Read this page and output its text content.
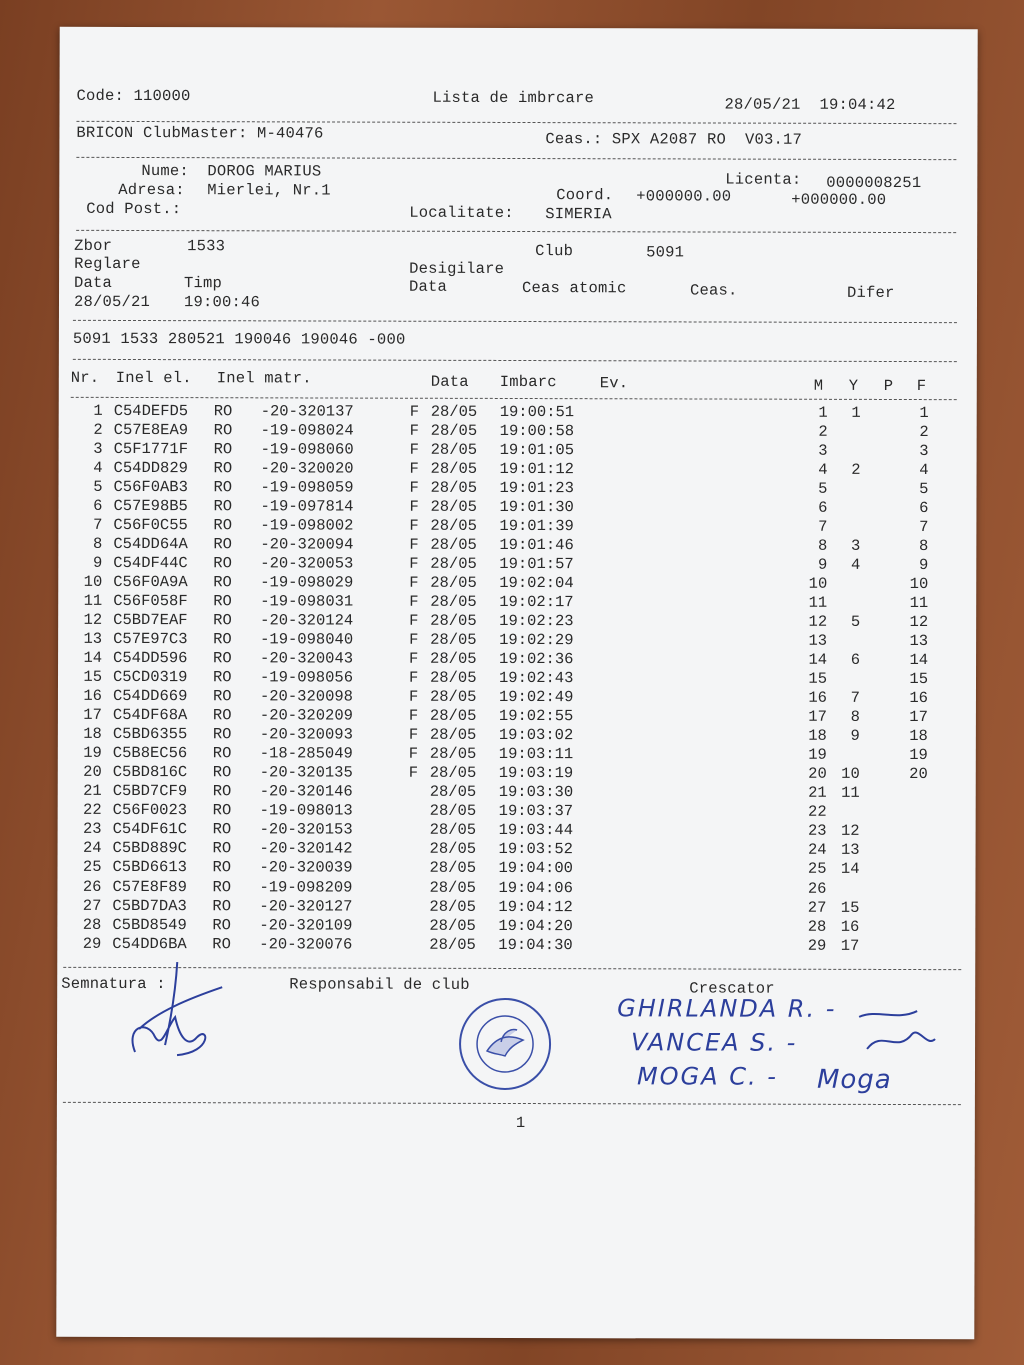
Code: 110000	Lista de imbrcare	28/05/21  19:04:42
BRICON ClubMaster: M-40476	Ceas.: SPX A2087 RO  V03.17
Nume: DOROG MARIUS	Licenta: 0000008251
Adresa: Mierlei, Nr.1	Coord. +000000.00	+000000.00
Cod Post.:	Localitate: SIMERIA
Zbor	1533	Club	5091
Reglare	Desigilare
Data	Timp	Data	Ceas atomic	Ceas.	Difer
28/05/21 19:00:46
5091 1533 280521 190046 190046 -000
Nr. Inel el. Inel matr.	Data Imbarc	Ev.	M Y P F
1 C54DEFD5 RO -20-320137	F 28/05 19:00:51	1 1	1
2 C57E8EA9 RO -19-098024	F 28/05 19:00:58	2	2
3 C5F1771F RO -19-098060	F 28/05 19:01:05	3	3
4 C54DD829 RO -20-320020	F 28/05 19:01:12	4 2	4
5 C56F0AB3 RO -19-098059	F 28/05 19:01:23	5	5
6 C57E98B5 RO -19-097814	F 28/05 19:01:30	6	6
7 C56F0C55 RO -19-098002	F 28/05 19:01:39	7	7
8 C54DD64A RO -20-320094	F 28/05 19:01:46	8 3	8
9 C54DF44C RO -20-320053	F 28/05 19:01:57	9 4	9
10 C56F0A9A RO -19-098029	F 28/05 19:02:04	10	10
11 C56F058F RO -19-098031	F 28/05 19:02:17	11	11
12 C5BD7EAF RO -20-320124	F 28/05 19:02:23	12 5	12
13 C57E97C3 RO -19-098040	F 28/05 19:02:29	13	13
14 C54DD596 RO -20-320043	F 28/05 19:02:36	14 6	14
15 C5CD0319 RO -19-098056	F 28/05 19:02:43	15	15
16 C54DD669 RO -20-320098	F 28/05 19:02:49	16 7	16
17 C54DF68A RO -20-320209	F 28/05 19:02:55	17 8	17
18 C5BD6355 RO -20-320093	F 28/05 19:03:02	18 9	18
19 C5B8EC56 RO -18-285049	F 28/05 19:03:11	19	19
20 C5BD816C RO -20-320135	F 28/05 19:03:19	20 10	20
21 C5BD7CF9 RO -20-320146	28/05 19:03:30	21 11
22 C56F0023 RO -19-098013	28/05 19:03:37	22
23 C54DF61C RO -20-320153	28/05 19:03:44	23 12
24 C5BD889C RO -20-320142	28/05 19:03:52	24 13
25 C5BD6613 RO -20-320039	28/05 19:04:00	25 14
26 C57E8F89 RO -19-098209	28/05 19:04:06	26
27 C5BD7DA3 RO -20-320127	28/05 19:04:12	27 15
28 C5BD8549 RO -20-320109	28/05 19:04:20	28 16
29 C54DD6BA RO -20-320076	28/05 19:04:30	29 17
Semnatura :	Responsabil de club	Crescator
GHIRLANDA R. -
VANCEA S. -
MOGA C. - Moga
1
